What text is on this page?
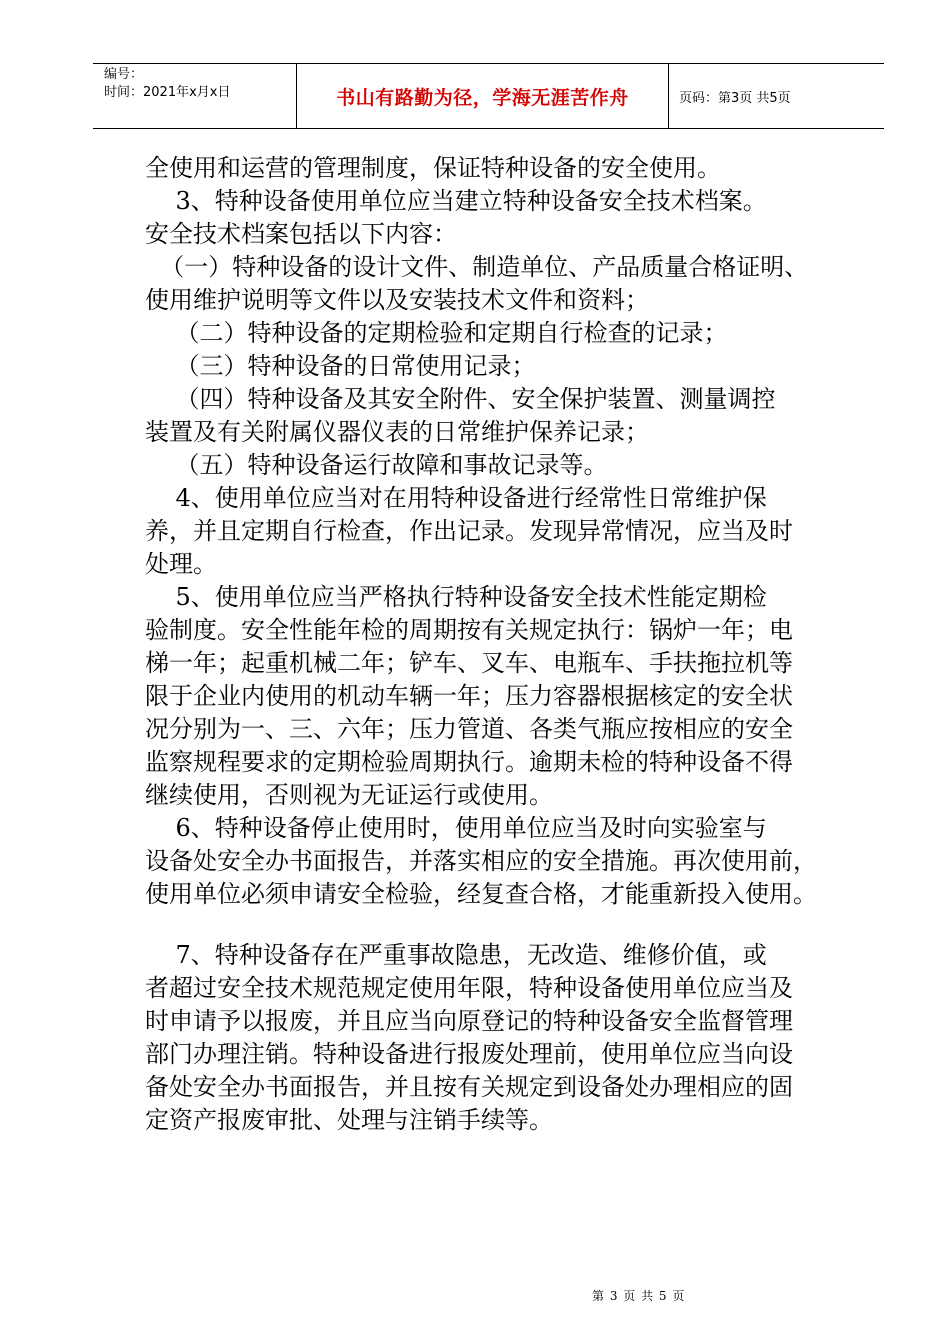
编号：
时间：2021年x月x日	书山有路勤为径，学海无涯苦作舟	页码：第3页 共5页

全使用和运营的管理制度，保证特种设备的安全使用。

3、特种设备使用单位应当建立特种设备安全技术档案。

安全技术档案包括以下内容：

（一）特种设备的设计文件、制造单位、产品质量合格证明、

使用维护说明等文件以及安装技术文件和资料；

（二）特种设备的定期检验和定期自行检查的记录；

（三）特种设备的日常使用记录；

（四）特种设备及其安全附件、安全保护装置、测量调控

装置及有关附属仪器仪表的日常维护保养记录；

（五）特种设备运行故障和事故记录等。

4、使用单位应当对在用特种设备进行经常性日常维护保

养，并且定期自行检查，作出记录。发现异常情况，应当及时

处理。

5、使用单位应当严格执行特种设备安全技术性能定期检

验制度。安全性能年检的周期按有关规定执行：锅炉一年；电

梯一年；起重机械二年；铲车、叉车、电瓶车、手扶拖拉机等

限于企业内使用的机动车辆一年；压力容器根据核定的安全状

况分别为一、三、六年；压力管道、各类气瓶应按相应的安全

监察规程要求的定期检验周期执行。逾期未检的特种设备不得

继续使用，否则视为无证运行或使用。

6、特种设备停止使用时，使用单位应当及时向实验室与

设备处安全办书面报告，并落实相应的安全措施。再次使用前，

使用单位必须申请安全检验，经复查合格，才能重新投入使用。

7、特种设备存在严重事故隐患，无改造、维修价值，或

者超过安全技术规范规定使用年限，特种设备使用单位应当及

时申请予以报废，并且应当向原登记的特种设备安全监督管理

部门办理注销。特种设备进行报废处理前，使用单位应当向设

备处安全办书面报告，并且按有关规定到设备处办理相应的固

定资产报废审批、处理与注销手续等。

第 3 页 共 5 页
